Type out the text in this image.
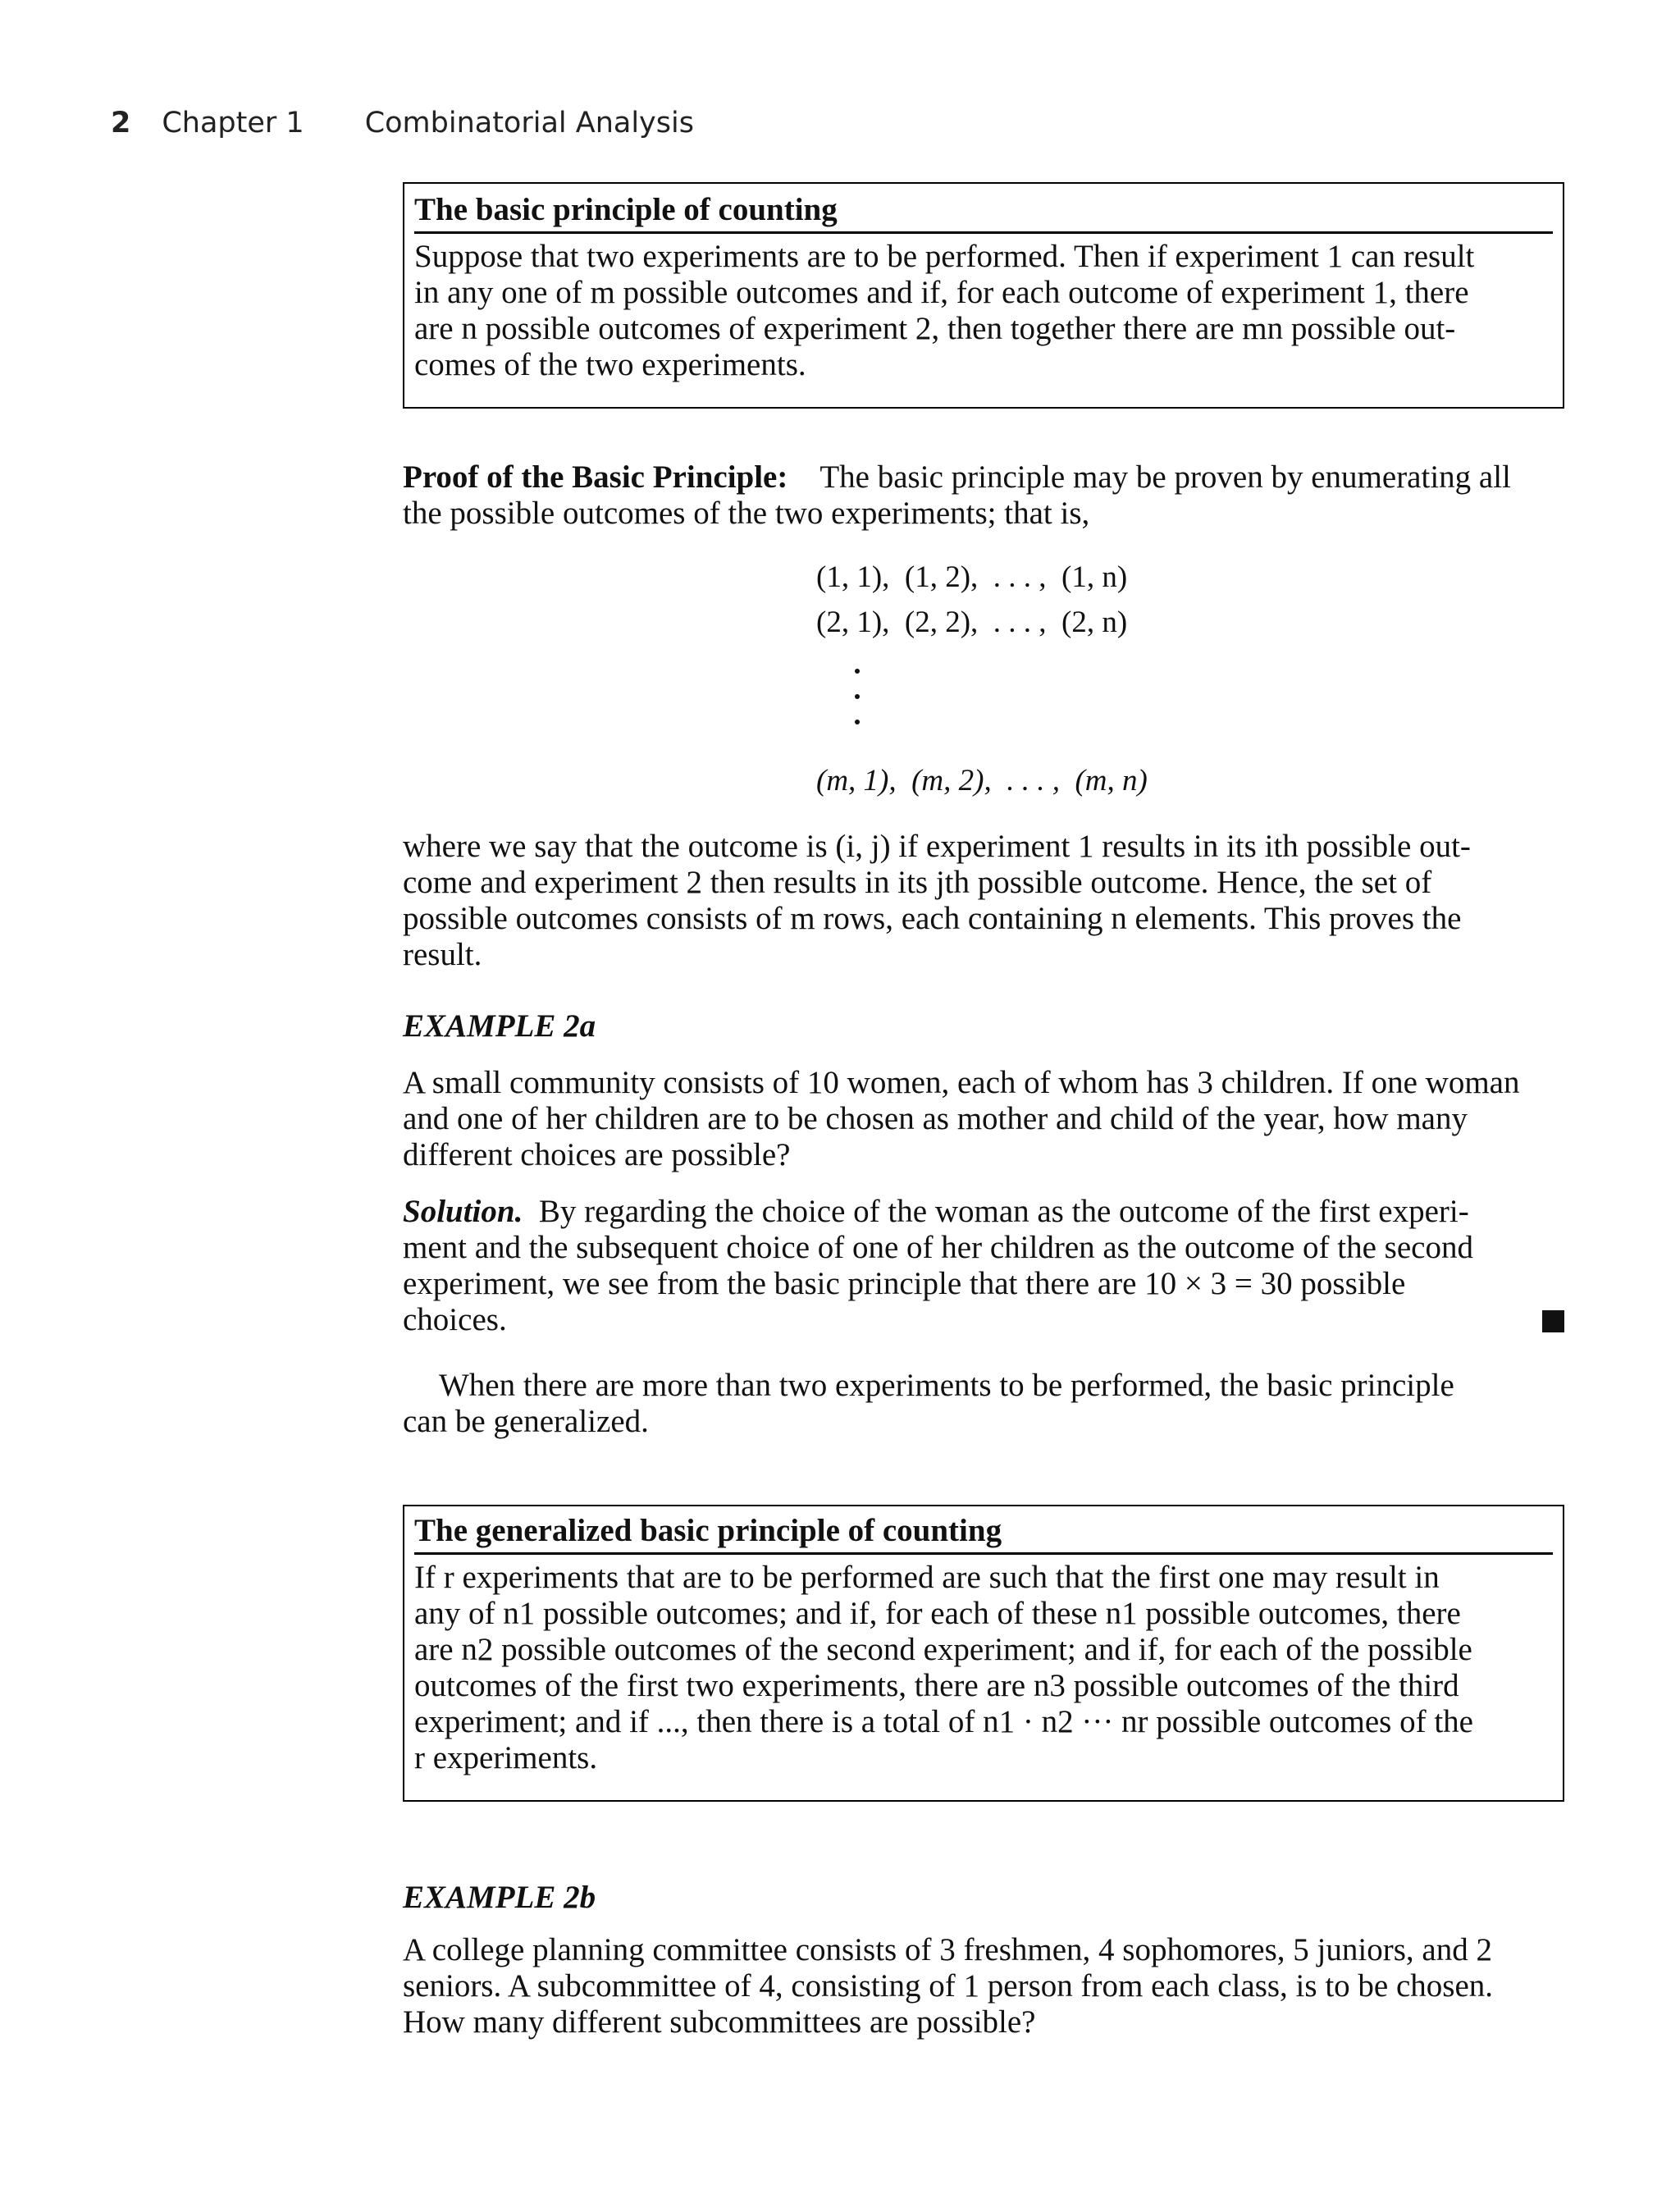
2 Chapter 1 Combinatorial Analysis
The basic principle of counting
Suppose that two experiments are to be performed. Then if experiment 1 can result
in any one of m possible outcomes and if, for each outcome of experiment 1, there
are n possible outcomes of experiment 2, then together there are mn possible out-
comes of the two experiments.
Proof of the Basic Principle: The basic principle may be proven by enumerating all
the possible outcomes of the two experiments; that is,
(1, 1),  (1, 2),  . . . ,  (1, n)
(2, 1),  (2, 2),  . . . ,  (2, n)
(m, 1),  (m, 2),  . . . ,  (m, n)
where we say that the outcome is (i, j) if experiment 1 results in its ith possible out-
come and experiment 2 then results in its jth possible outcome. Hence, the set of
possible outcomes consists of m rows, each containing n elements. This proves the
result.
EXAMPLE 2a
A small community consists of 10 women, each of whom has 3 children. If one woman
and one of her children are to be chosen as mother and child of the year, how many
different choices are possible?
Solution. By regarding the choice of the woman as the outcome of the first experi-
ment and the subsequent choice of one of her children as the outcome of the second
experiment, we see from the basic principle that there are 10 × 3 = 30 possible
choices.
When there are more than two experiments to be performed, the basic principle
can be generalized.
The generalized basic principle of counting
If r experiments that are to be performed are such that the first one may result in
any of n1 possible outcomes; and if, for each of these n1 possible outcomes, there
are n2 possible outcomes of the second experiment; and if, for each of the possible
outcomes of the first two experiments, there are n3 possible outcomes of the third
experiment; and if ..., then there is a total of n1 · n2 ··· nr possible outcomes of the
r experiments.
EXAMPLE 2b
A college planning committee consists of 3 freshmen, 4 sophomores, 5 juniors, and 2
seniors. A subcommittee of 4, consisting of 1 person from each class, is to be chosen.
How many different subcommittees are possible?
